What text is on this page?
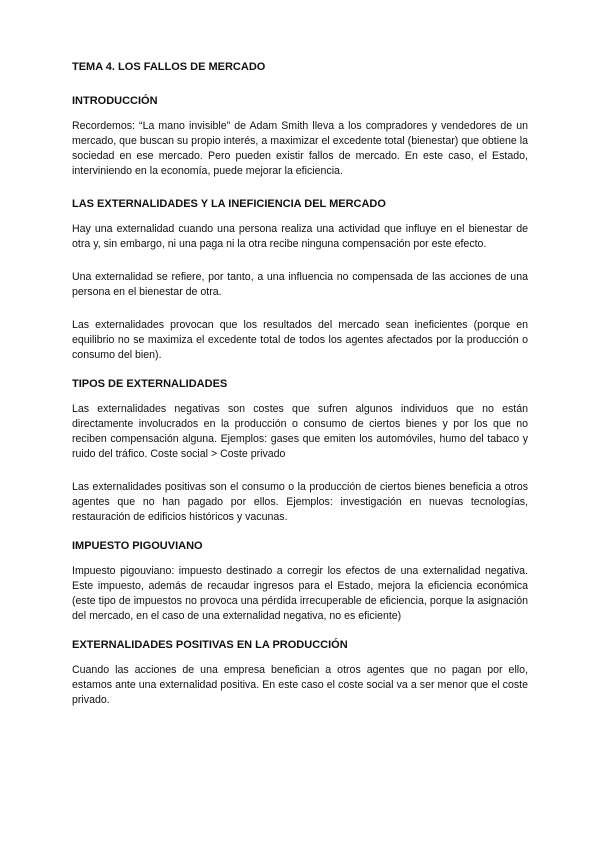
TEMA 4. LOS FALLOS DE MERCADO
INTRODUCCIÓN

Recordemos: “La mano invisible” de Adam Smith lleva a los compradores y vendedores de un mercado, que buscan su propio interés, a maximizar el excedente total (bienestar) que obtiene la sociedad en ese mercado. Pero pueden existir fallos de mercado. En este caso, el Estado, interviniendo en la economía, puede mejorar la eficiencia.

LAS EXTERNALIDADES Y LA INEFICIENCIA DEL MERCADO

Hay una externalidad cuando una persona realiza una actividad que influye en el bienestar de otra y, sin embargo, ni una paga ni la otra recibe ninguna compensación por este efecto.

Una externalidad se refiere, por tanto, a una influencia no compensada de las acciones de una persona en el bienestar de otra.

Las externalidades provocan que los resultados del mercado sean ineficientes (porque en equilibrio no se maximiza el excedente total de todos los agentes afectados por la producción o consumo del bien).

TIPOS DE EXTERNALIDADES

Las externalidades negativas son costes que sufren algunos individuos que no están directamente involucrados en la producción o consumo de ciertos bienes y por los que no reciben compensación alguna. Ejemplos: gases que emiten los automóviles, humo del tabaco y ruido del tráfico. Coste social > Coste privado

Las externalidades positivas son el consumo o la producción de ciertos bienes beneficia a otros agentes que no han pagado por ellos. Ejemplos: investigación en nuevas tecnologías, restauración de edificios históricos y vacunas.

IMPUESTO PIGOUVIANO

Impuesto pigouviano: impuesto destinado a corregir los efectos de una externalidad negativa. Este impuesto, además de recaudar ingresos para el Estado, mejora la eficiencia económica (este tipo de impuestos no provoca una pérdida irrecuperable de eficiencia, porque la asignación del mercado, en el caso de una externalidad negativa, no es eficiente)

EXTERNALIDADES POSITIVAS EN LA PRODUCCIÓN

Cuando las acciones de una empresa benefician a otros agentes que no pagan por ello, estamos ante una externalidad positiva. En este caso el coste social va a ser menor que el coste privado.
